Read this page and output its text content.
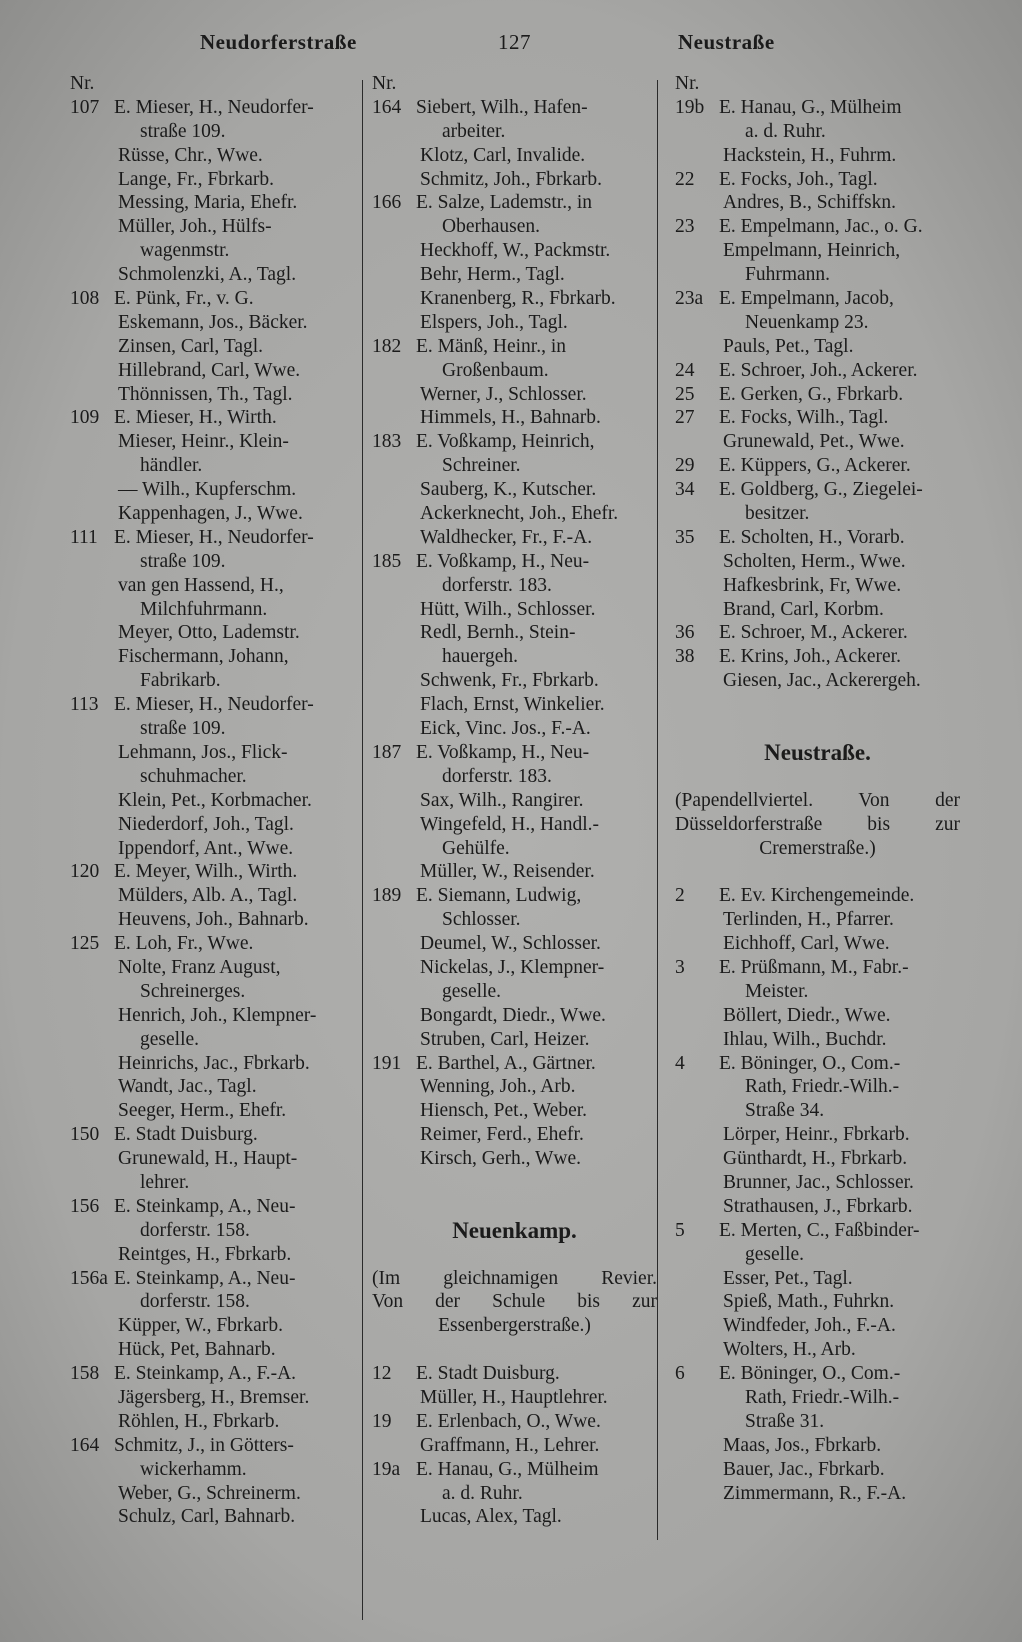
Neudorferstraße	127	Neustraße
Nr.
107 E. Mieser, H., Neudorfer-
straße 109.
Rüsse, Chr., Wwe.
Lange, Fr., Fbrkarb.
Messing, Maria, Ehefr.
Müller, Joh., Hülfs-
wagenmstr.
Schmolenzki, A., Tagl.
108 E. Pünk, Fr., v. G.
Eskemann, Jos., Bäcker.
Zinsen, Carl, Tagl.
Hillebrand, Carl, Wwe.
Thönnissen, Th., Tagl.
109 E. Mieser, H., Wirth.
Mieser, Heinr., Klein-
händler.
— Wilh., Kupferschm.
Kappenhagen, J., Wwe.
111 E. Mieser, H., Neudorfer-
straße 109.
van gen Hassend, H.,
Milchfuhrmann.
Meyer, Otto, Lademstr.
Fischermann, Johann,
Fabrikarb.
113 E. Mieser, H., Neudorfer-
straße 109.
Lehmann, Jos., Flick-
schuhmacher.
Klein, Pet., Korbmacher.
Niederdorf, Joh., Tagl.
Ippendorf, Ant., Wwe.
120 E. Meyer, Wilh., Wirth.
Mülders, Alb. A., Tagl.
Heuvens, Joh., Bahnarb.
125 E. Loh, Fr., Wwe.
Nolte, Franz August,
Schreinerges.
Henrich, Joh., Klempner-
geselle.
Heinrichs, Jac., Fbrkarb.
Wandt, Jac., Tagl.
Seeger, Herm., Ehefr.
150 E. Stadt Duisburg.
Grunewald, H., Haupt-
lehrer.
156 E. Steinkamp, A., Neu-
dorferstr. 158.
Reintges, H., Fbrkarb.
156a E. Steinkamp, A., Neu-
dorferstr. 158.
Küpper, W., Fbrkarb.
Hück, Pet, Bahnarb.
158 E. Steinkamp, A., F.-A.
Jägersberg, H., Bremser.
Röhlen, H., Fbrkarb.
164 Schmitz, J., in Götters-
wickerhamm.
Weber, G., Schreinerm.
Schulz, Carl, Bahnarb.
Nr.
164 Siebert, Wilh., Hafen-
arbeiter.
Klotz, Carl, Invalide.
Schmitz, Joh., Fbrkarb.
166 E. Salze, Lademstr., in
Oberhausen.
Heckhoff, W., Packmstr.
Behr, Herm., Tagl.
Kranenberg, R., Fbrkarb.
Elspers, Joh., Tagl.
182 E. Mänß, Heinr., in
Großenbaum.
Werner, J., Schlosser.
Himmels, H., Bahnarb.
183 E. Voßkamp, Heinrich,
Schreiner.
Sauberg, K., Kutscher.
Ackerknecht, Joh., Ehefr.
Waldhecker, Fr., F.-A.
185 E. Voßkamp, H., Neu-
dorferstr. 183.
Hütt, Wilh., Schlosser.
Redl, Bernh., Stein-
hauergeh.
Schwenk, Fr., Fbrkarb.
Flach, Ernst, Winkelier.
Eick, Vinc. Jos., F.-A.
187 E. Voßkamp, H., Neu-
dorferstr. 183.
Sax, Wilh., Rangirer.
Wingefeld, H., Handl.-
Gehülfe.
Müller, W., Reisender.
189 E. Siemann, Ludwig,
Schlosser.
Deumel, W., Schlosser.
Nickelas, J., Klempner-
geselle.
Bongardt, Diedr., Wwe.
Struben, Carl, Heizer.
191 E. Barthel, A., Gärtner.
Wenning, Joh., Arb.
Hiensch, Pet., Weber.
Reimer, Ferd., Ehefr.
Kirsch, Gerh., Wwe.
Neuenkamp.
(Im gleichnamigen Revier.
Von der Schule bis zur
Essenbergerstraße.)
12	E. Stadt Duisburg.
Müller, H., Hauptlehrer.
19	E. Erlenbach, O., Wwe.
Graffmann, H., Lehrer.
19a E. Hanau, G., Mülheim
a. d. Ruhr.
Lucas, Alex, Tagl.
Nr.
19b E. Hanau, G., Mülheim
a. d. Ruhr.
Hackstein, H., Fuhrm.
22	E. Focks, Joh., Tagl.
Andres, B., Schiffskn.
23	E. Empelmann, Jac., o. G.
Empelmann, Heinrich,
Fuhrmann.
23a E. Empelmann, Jacob,
Neuenkamp 23.
Pauls, Pet., Tagl.
24	E. Schroer, Joh., Ackerer.
25	E. Gerken, G., Fbrkarb.
27	E. Focks, Wilh., Tagl.
Grunewald, Pet., Wwe.
29	E. Küppers, G., Ackerer.
34	E. Goldberg, G., Ziegelei-
besitzer.
35	E. Scholten, H., Vorarb.
Scholten, Herm., Wwe.
Hafkesbrink, Fr, Wwe.
Brand, Carl, Korbm.
36	E. Schroer, M., Ackerer.
38	E. Krins, Joh., Ackerer.
Giesen, Jac., Ackerergeh.
Neustraße.
(Papendellviertel. Von der
Düsseldorferstraße bis zur
Cremerstraße.)
2	E. Ev. Kirchengemeinde.
Terlinden, H., Pfarrer.
Eichhoff, Carl, Wwe.
3	E. Prüßmann, M., Fabr.-
Meister.
Böllert, Diedr., Wwe.
Ihlau, Wilh., Buchdr.
4	E. Böninger, O., Com.-
Rath, Friedr.-Wilh.-
Straße 34.
Lörper, Heinr., Fbrkarb.
Günthardt, H., Fbrkarb.
Brunner, Jac., Schlosser.
Strathausen, J., Fbrkarb.
5	E. Merten, C., Faßbinder-
geselle.
Esser, Pet., Tagl.
Spieß, Math., Fuhrkn.
Windfeder, Joh., F.-A.
Wolters, H., Arb.
6	E. Böninger, O., Com.-
Rath, Friedr.-Wilh.-
Straße 31.
Maas, Jos., Fbrkarb.
Bauer, Jac., Fbrkarb.
Zimmermann, R., F.-A.
